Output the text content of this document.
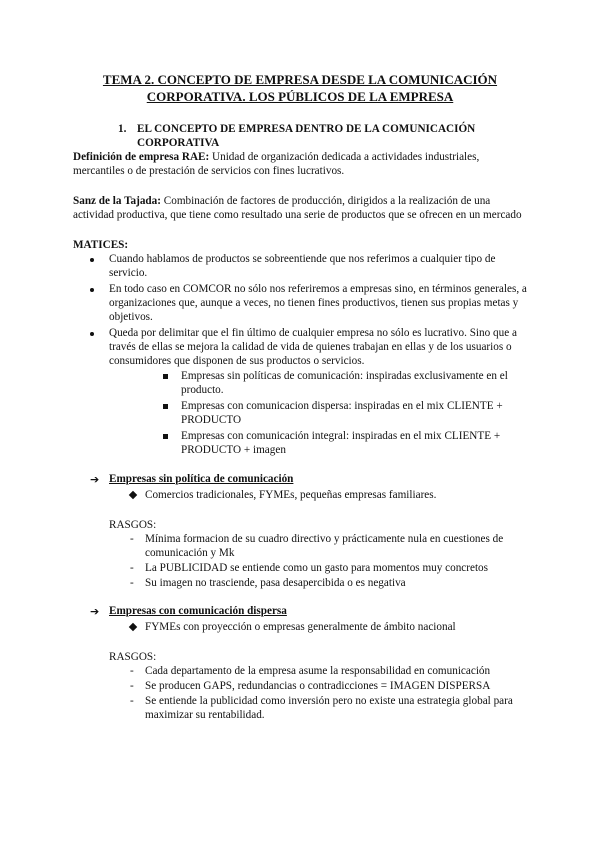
TEMA 2. CONCEPTO DE EMPRESA DESDE LA COMUNICACIÓN
CORPORATIVA. LOS PÚBLICOS DE LA EMPRESA
1. EL CONCEPTO DE EMPRESA DENTRO DE LA COMUNICACIÓN
CORPORATIVA
Definición de empresa RAE: Unidad de organización dedicada a actividades industriales,
mercantiles o de prestación de servicios con fines lucrativos.
Sanz de la Tajada: Combinación de factores de producción, dirigidos a la realización de una
actividad productiva, que tiene como resultado una serie de productos que se ofrecen en un mercado
MATICES:
Cuando hablamos de productos se sobreentiende que nos referimos a cualquier tipo de
servicio.
En todo caso en COMCOR no sólo nos referiremos a empresas sino, en términos generales, a
organizaciones que, aunque a veces, no tienen fines productivos, tienen sus propias metas y
objetivos.
Queda por delimitar que el fin último de cualquier empresa no sólo es lucrativo. Sino que a
través de ellas se mejora la calidad de vida de quienes trabajan en ellas y de los usuarios o
consumidores que disponen de sus productos o servicios.
Empresas sin políticas de comunicación: inspiradas exclusivamente en el
producto.
Empresas con comunicacion dispersa: inspiradas en el mix CLIENTE +
PRODUCTO
Empresas con comunicación integral: inspiradas en el mix CLIENTE +
PRODUCTO + imagen
➔ Empresas sin política de comunicación
Comercios tradicionales, FYMEs, pequeñas empresas familiares.
RASGOS:
- Mínima formacion de su cuadro directivo y prácticamente nula en cuestiones de
comunicación y Mk
- La PUBLICIDAD se entiende como un gasto para momentos muy concretos
- Su imagen no trasciende, pasa desapercibida o es negativa
➔ Empresas con comunicación dispersa
FYMEs con proyección o empresas generalmente de ámbito nacional
RASGOS:
- Cada departamento de la empresa asume la responsabilidad en comunicación
- Se producen GAPS, redundancias o contradicciones = IMAGEN DISPERSA
- Se entiende la publicidad como inversión pero no existe una estrategia global para
maximizar su rentabilidad.
